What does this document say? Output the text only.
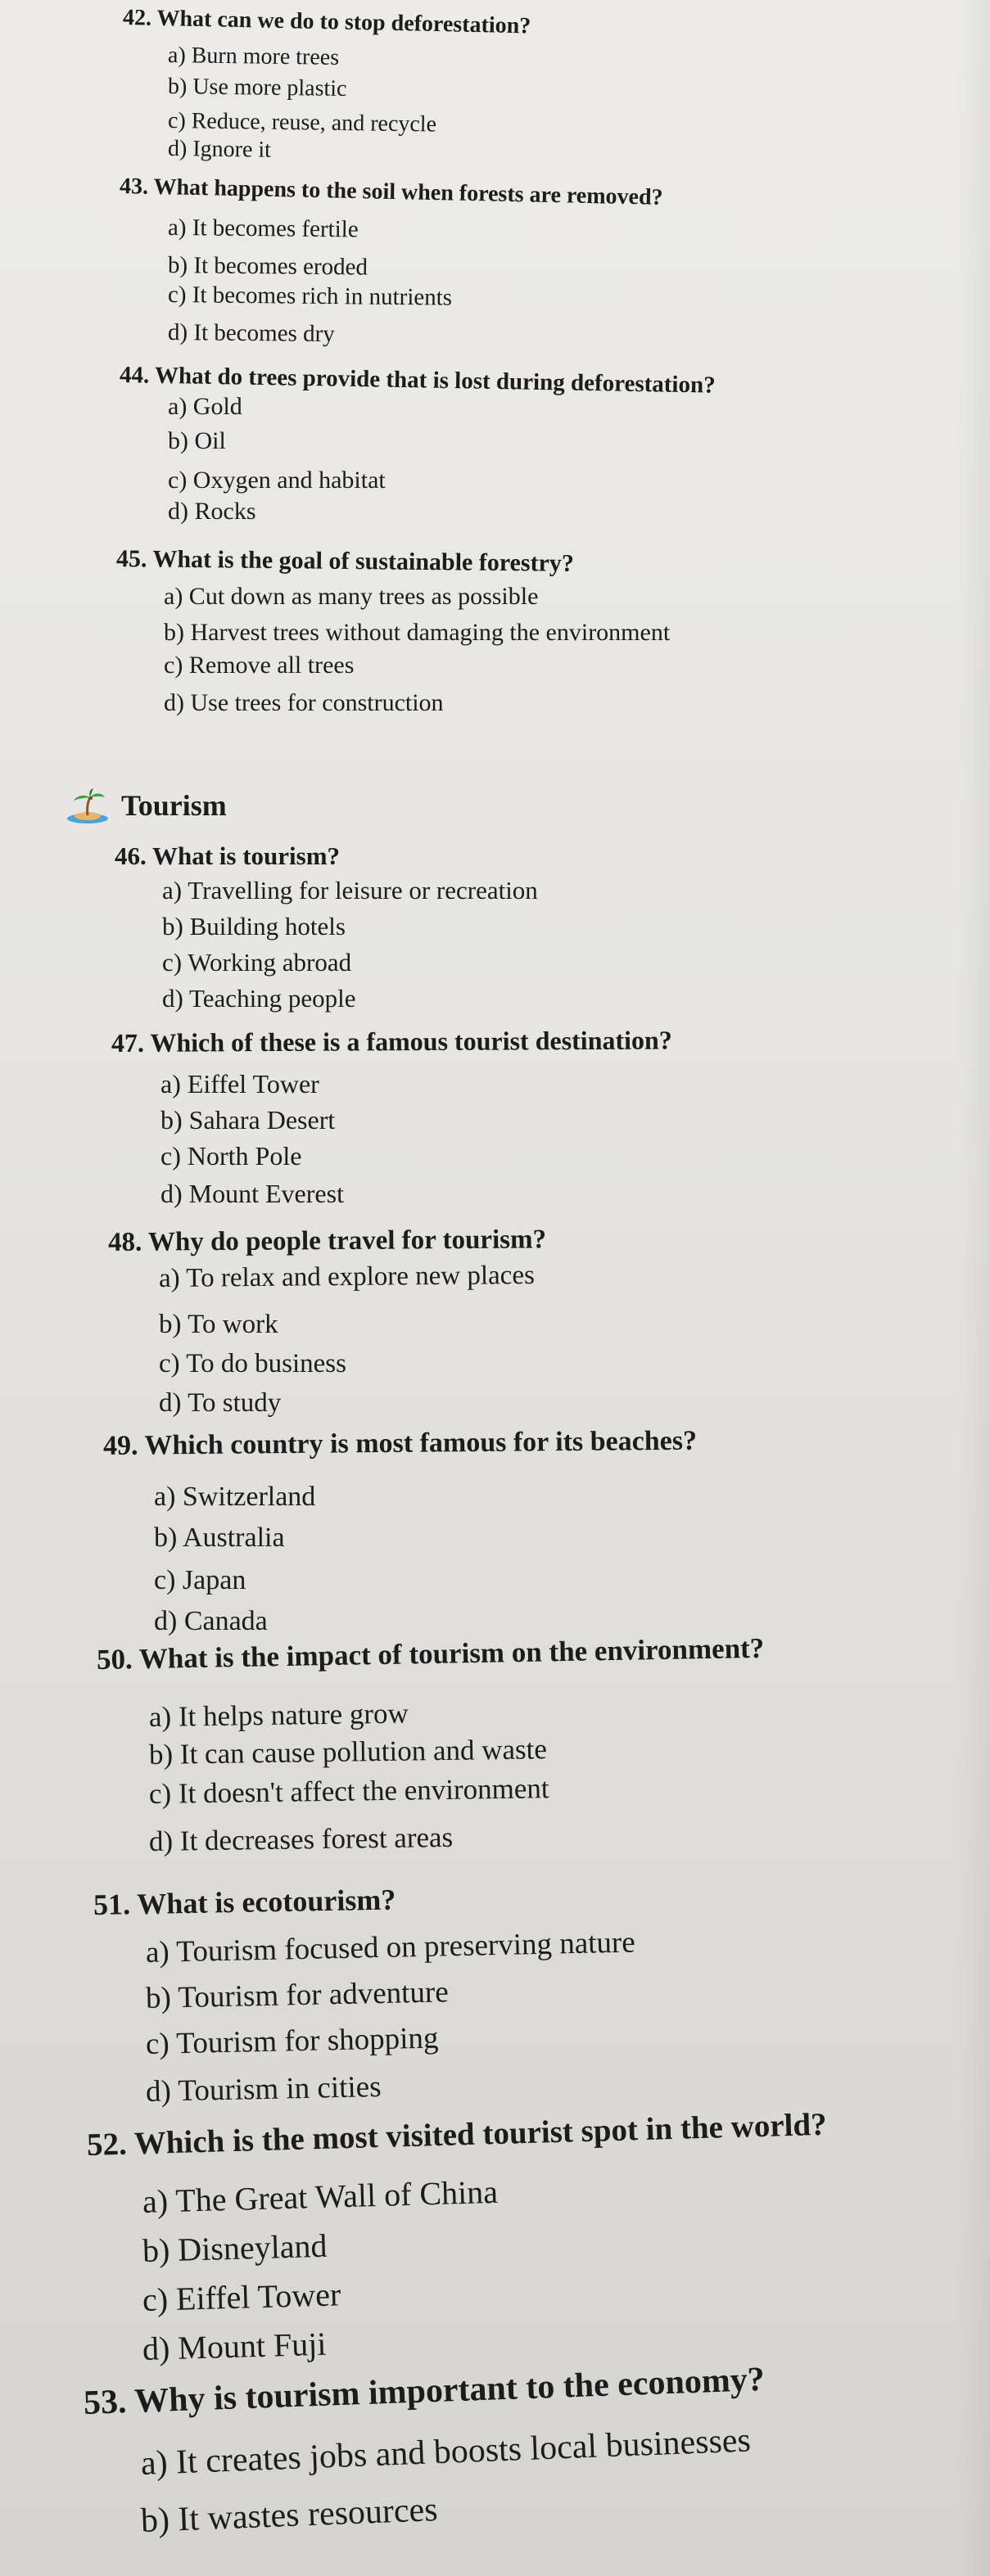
42. What can we do to stop deforestation?
a) Burn more trees
b) Use more plastic
c) Reduce, reuse, and recycle
d) Ignore it
43. What happens to the soil when forests are removed?
a) It becomes fertile
b) It becomes eroded
c) It becomes rich in nutrients
d) It becomes dry
44. What do trees provide that is lost during deforestation?
a) Gold
b) Oil
c) Oxygen and habitat
d) Rocks
45. What is the goal of sustainable forestry?
a) Cut down as many trees as possible
b) Harvest trees without damaging the environment
c) Remove all trees
d) Use trees for construction
Tourism
46. What is tourism?
a) Travelling for leisure or recreation
b) Building hotels
c) Working abroad
d) Teaching people
47. Which of these is a famous tourist destination?
a) Eiffel Tower
b) Sahara Desert
c) North Pole
d) Mount Everest
48. Why do people travel for tourism?
a) To relax and explore new places
b) To work
c) To do business
d) To study
49. Which country is most famous for its beaches?
a) Switzerland
b) Australia
c) Japan
d) Canada
50. What is the impact of tourism on the environment?
a) It helps nature grow
b) It can cause pollution and waste
c) It doesn't affect the environment
d) It decreases forest areas
51. What is ecotourism?
a) Tourism focused on preserving nature
b) Tourism for adventure
c) Tourism for shopping
d) Tourism in cities
52. Which is the most visited tourist spot in the world?
a) The Great Wall of China
b) Disneyland
c) Eiffel Tower
d) Mount Fuji
53. Why is tourism important to the economy?
a) It creates jobs and boosts local businesses
b) It wastes resources
